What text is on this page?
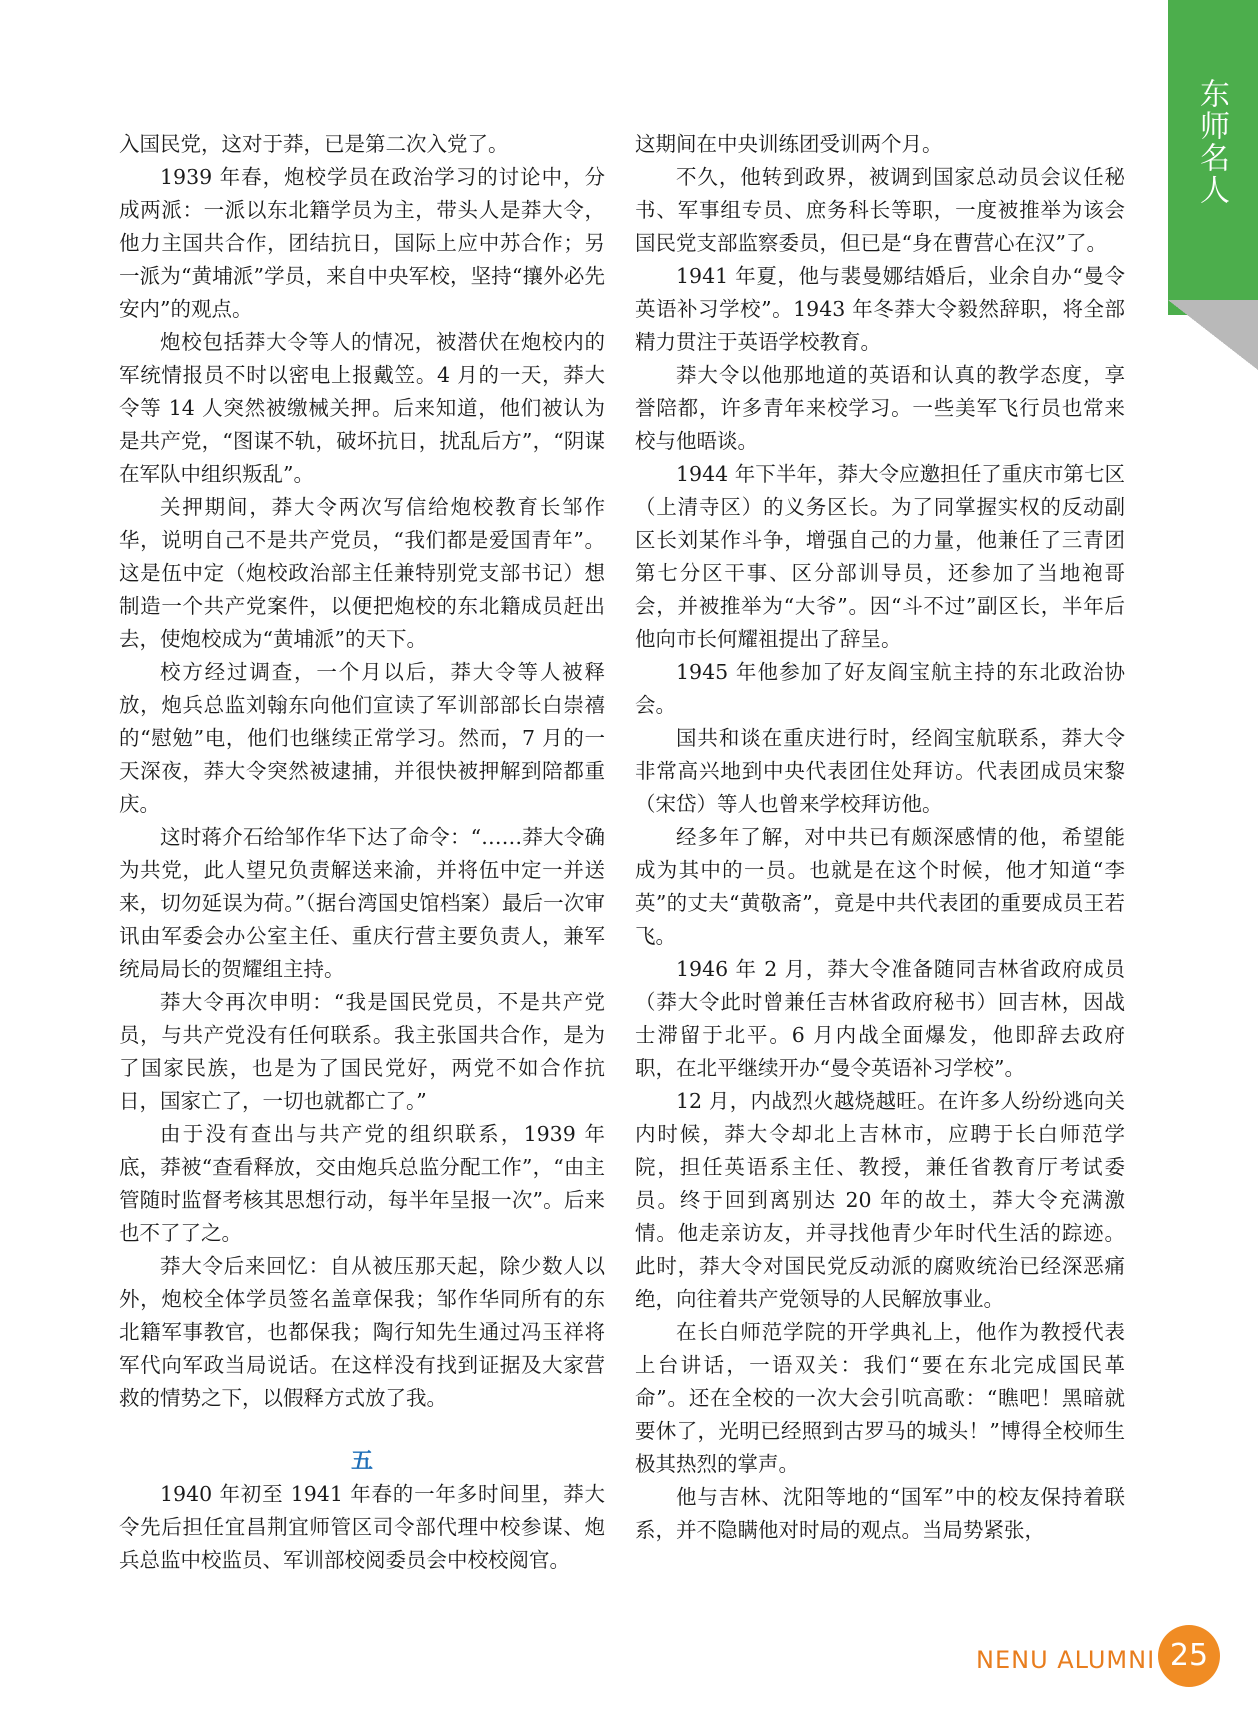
东师名人

入国民党，这对于莽，已是第二次入党了。

1939 年春，炮校学员在政治学习的讨论中，分成两派：一派以东北籍学员为主，带头人是莽大令，他力主国共合作，团结抗日，国际上应中苏合作；另一派为“黄埔派”学员，来自中央军校，坚持“攘外必先安内”的观点。

炮校包括莽大令等人的情况，被潜伏在炮校内的军统情报员不时以密电上报戴笠。4 月的一天，莽大令等 14 人突然被缴械关押。后来知道，他们被认为是共产党，“图谋不轨，破坏抗日，扰乱后方”，“阴谋在军队中组织叛乱”。

关押期间，莽大令两次写信给炮校教育长邹作华，说明自己不是共产党员，“我们都是爱国青年”。这是伍中定（炮校政治部主任兼特别党支部书记）想制造一个共产党案件，以便把炮校的东北籍成员赶出去，使炮校成为“黄埔派”的天下。

校方经过调查，一个月以后，莽大令等人被释放，炮兵总监刘翰东向他们宣读了军训部部长白崇禧的“慰勉”电，他们也继续正常学习。然而，7 月的一天深夜，莽大令突然被逮捕，并很快被押解到陪都重庆。

这时蒋介石给邹作华下达了命令：“……莽大令确为共党，此人望兄负责解送来渝，并将伍中定一并送来，切勿延误为荷。”（据台湾国史馆档案）最后一次审讯由军委会办公室主任、重庆行营主要负责人，兼军统局局长的贺耀组主持。

莽大令再次申明：“我是国民党员，不是共产党员，与共产党没有任何联系。我主张国共合作，是为了国家民族，也是为了国民党好，两党不如合作抗日，国家亡了，一切也就都亡了。”

由于没有查出与共产党的组织联系，1939 年底，莽被“查看释放，交由炮兵总监分配工作”，“由主管随时监督考核其思想行动，每半年呈报一次”。后来也不了了之。

莽大令后来回忆：自从被压那天起，除少数人以外，炮校全体学员签名盖章保我；邹作华同所有的东北籍军事教官，也都保我；陶行知先生通过冯玉祥将军代向军政当局说话。在这样没有找到证据及大家营救的情势之下，以假释方式放了我。

五

1940 年初至 1941 年春的一年多时间里，莽大令先后担任宜昌荆宜师管区司令部代理中校参谋、炮兵总监中校监员、军训部校阅委员会中校校阅官。

这期间在中央训练团受训两个月。

不久，他转到政界，被调到国家总动员会议任秘书、军事组专员、庶务科长等职，一度被推举为该会国民党支部监察委员，但已是“身在曹营心在汉”了。

1941 年夏，他与裴曼娜结婚后，业余自办“曼令英语补习学校”。1943 年冬莽大令毅然辞职，将全部精力贯注于英语学校教育。

莽大令以他那地道的英语和认真的教学态度，享誉陪都，许多青年来校学习。一些美军飞行员也常来校与他晤谈。

1944 年下半年，莽大令应邀担任了重庆市第七区（上清寺区）的义务区长。为了同掌握实权的反动副区长刘某作斗争，增强自己的力量，他兼任了三青团第七分区干事、区分部训导员，还参加了当地袍哥会，并被推举为“大爷”。因“斗不过”副区长，半年后他向市长何耀祖提出了辞呈。

1945 年他参加了好友阎宝航主持的东北政治协会。

国共和谈在重庆进行时，经阎宝航联系，莽大令非常高兴地到中央代表团住处拜访。代表团成员宋黎（宋岱）等人也曾来学校拜访他。

经多年了解，对中共已有颇深感情的他，希望能成为其中的一员。也就是在这个时候，他才知道“李英”的丈夫“黄敬斋”，竟是中共代表团的重要成员王若飞。

1946 年 2 月，莽大令准备随同吉林省政府成员（莽大令此时曾兼任吉林省政府秘书）回吉林，因战士滞留于北平。6 月内战全面爆发，他即辞去政府职，在北平继续开办“曼令英语补习学校”。

12 月，内战烈火越烧越旺。在许多人纷纷逃向关内时候，莽大令却北上吉林市，应聘于长白师范学院，担任英语系主任、教授，兼任省教育厅考试委员。终于回到离别达 20 年的故土，莽大令充满激情。他走亲访友，并寻找他青少年时代生活的踪迹。此时，莽大令对国民党反动派的腐败统治已经深恶痛绝，向往着共产党领导的人民解放事业。

在长白师范学院的开学典礼上，他作为教授代表上台讲话，一语双关：我们“要在东北完成国民革命”。还在全校的一次大会引吭高歌：“瞧吧！黑暗就要休了，光明已经照到古罗马的城头！”博得全校师生极其热烈的掌声。

他与吉林、沈阳等地的“国军”中的校友保持着联系，并不隐瞒他对时局的观点。当局势紧张，

NENU ALUMNI 25
